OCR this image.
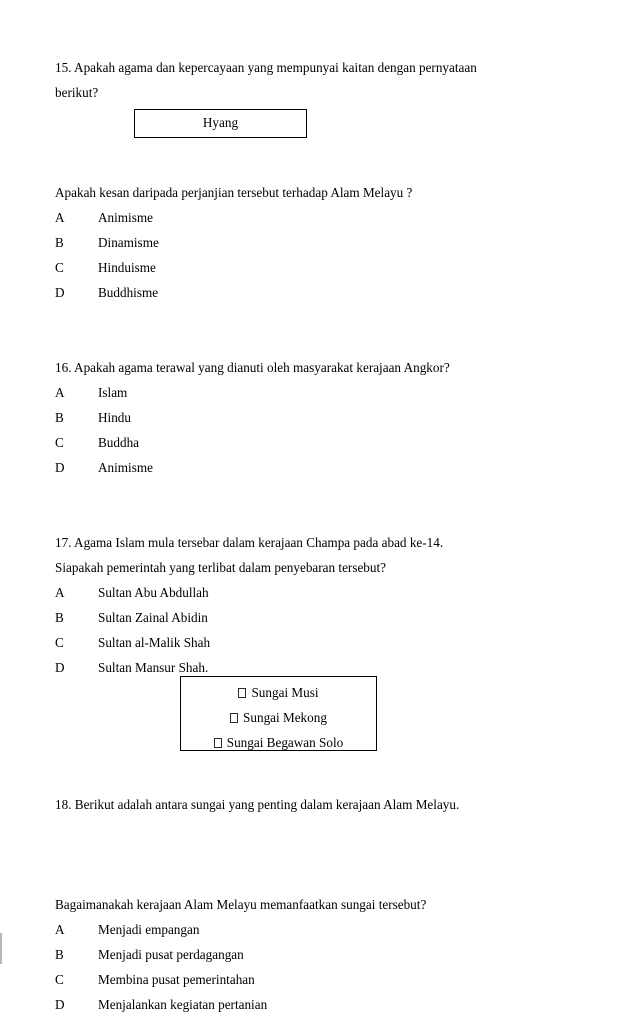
15. Apakah agama dan kepercayaan yang mempunyai kaitan dengan pernyataan

berikut?

Apakah kesan daripada perjanjian tersebut terhadap Alam Melayu ?

A	Animisme
B	Dinamisme
C	Hinduisme
D	Buddhisme

16. Apakah agama terawal yang dianuti oleh masyarakat kerajaan Angkor?

A	Islam
B	Hindu
C	Buddha
D	Animisme

17. Agama Islam mula tersebar dalam kerajaan Champa pada abad ke-14.

Siapakah pemerintah yang terlibat dalam penyebaran tersebut?

A	Sultan Abu Abdullah
B	Sultan Zainal Abidin
C	Sultan al-Malik Shah
D	Sultan Mansur Shah.

18. Berikut adalah antara sungai yang penting dalam kerajaan Alam Melayu.

Bagaimanakah kerajaan Alam Melayu memanfaatkan sungai tersebut?

A	Menjadi empangan
B	Menjadi pusat perdagangan
C	Membina pusat pemerintahan
D	Menjalankan kegiatan pertanian
Hyang
Sungai Musi
Sungai Mekong
Sungai Begawan Solo
